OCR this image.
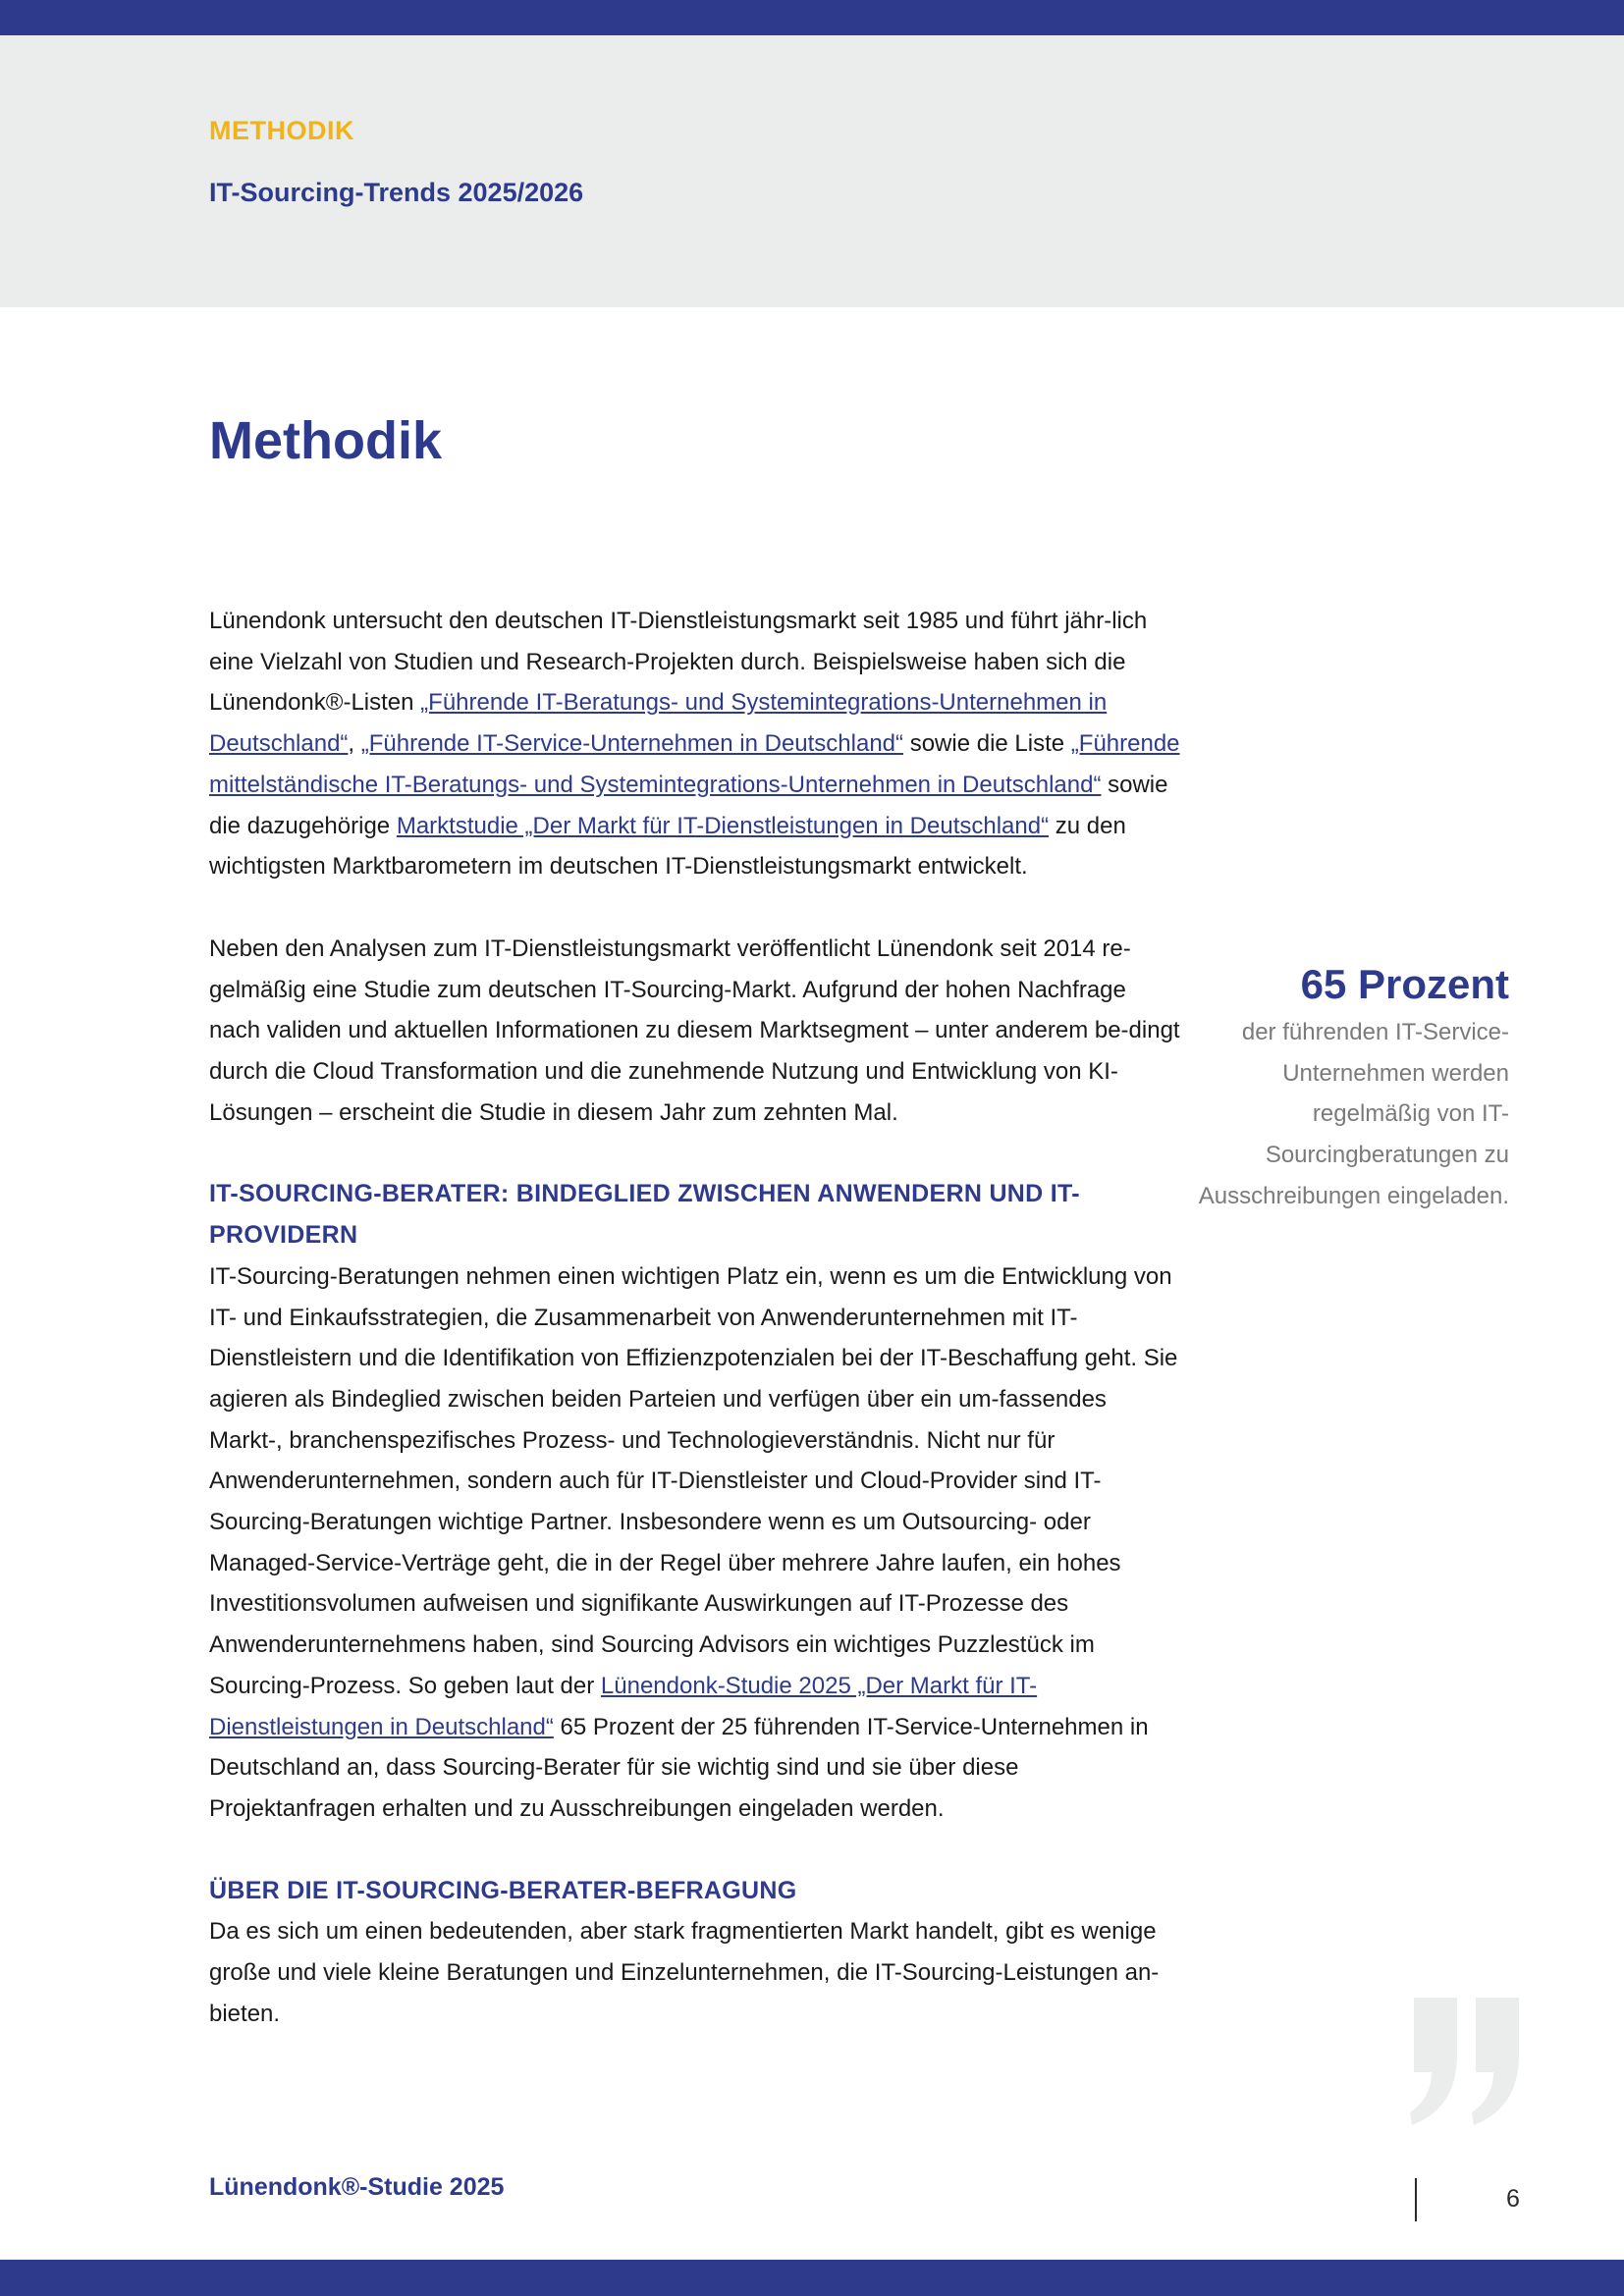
METHODIK
IT-Sourcing-Trends 2025/2026
Methodik

Lünendonk untersucht den deutschen IT-Dienstleistungsmarkt seit 1985 und führt jähr-lich eine Vielzahl von Studien und Research-Projekten durch. Beispielsweise haben sich die Lünendonk®-Listen „Führende IT-Beratungs- und Systemintegrations-Unternehmen in Deutschland“, „Führende IT-Service-Unternehmen in Deutschland“ sowie die Liste „Führende mittelständische IT-Beratungs- und Systemintegrations-Unternehmen in Deutschland“ sowie die dazugehörige Marktstudie „Der Markt für IT-Dienstleistungen in Deutschland“ zu den wichtigsten Marktbarometern im deutschen IT-Dienstleistungsmarkt entwickelt.

Neben den Analysen zum IT-Dienstleistungsmarkt veröffentlicht Lünendonk seit 2014 re-gelmäßig eine Studie zum deutschen IT-Sourcing-Markt. Aufgrund der hohen Nachfrage nach validen und aktuellen Informationen zu diesem Marktsegment – unter anderem be-dingt durch die Cloud Transformation und die zunehmende Nutzung und Entwicklung von KI-Lösungen – erscheint die Studie in diesem Jahr zum zehnten Mal.

IT-SOURCING-BERATER: BINDEGLIED ZWISCHEN ANWENDERN UND IT-PROVIDERN

IT-Sourcing-Beratungen nehmen einen wichtigen Platz ein, wenn es um die Entwicklung von IT- und Einkaufsstrategien, die Zusammenarbeit von Anwenderunternehmen mit IT-Dienstleistern und die Identifikation von Effizienzpotenzialen bei der IT-Beschaffung geht. Sie agieren als Bindeglied zwischen beiden Parteien und verfügen über ein um-fassendes Markt-, branchenspezifisches Prozess- und Technologieverständnis. Nicht nur für Anwenderunternehmen, sondern auch für IT-Dienstleister und Cloud-Provider sind IT-Sourcing-Beratungen wichtige Partner. Insbesondere wenn es um Outsourcing- oder Managed-Service-Verträge geht, die in der Regel über mehrere Jahre laufen, ein hohes Investitionsvolumen aufweisen und signifikante Auswirkungen auf IT-Prozesse des Anwenderunternehmens haben, sind Sourcing Advisors ein wichtiges Puzzlestück im Sourcing-Prozess. So geben laut der Lünendonk-Studie 2025 „Der Markt für IT-Dienstleistungen in Deutschland“ 65 Prozent der 25 führenden IT-Service-Unternehmen in Deutschland an, dass Sourcing-Berater für sie wichtig sind und sie über diese Projektanfragen erhalten und zu Ausschreibungen eingeladen werden.

ÜBER DIE IT-SOURCING-BERATER-BEFRAGUNG

Da es sich um einen bedeutenden, aber stark fragmentierten Markt handelt, gibt es wenige große und viele kleine Beratungen und Einzelunternehmen, die IT-Sourcing-Leistungen an-bieten.

65 Prozent
der führenden IT-Service-Unternehmen werden regelmäßig von IT-Sourcingberatungen zu Ausschreibungen eingeladen.
Lünendonk®-Studie 2025	6
